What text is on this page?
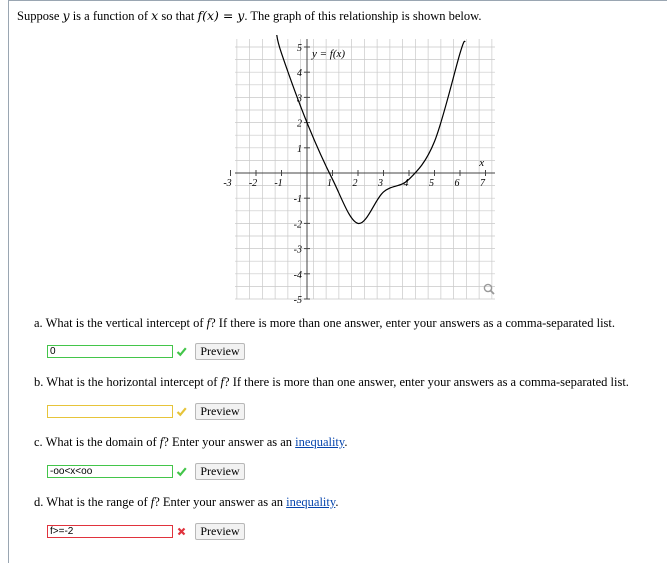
Suppose y is a function of x so that f(x) = y. The graph of this relationship is shown below.
-3 -2 -1	1 2 3 4 5 6 7
5
4
3
2
1
-1
-2
-3
-4
-5
x
y = f(x)
a. What is the vertical intercept of f? If there is more than one answer, enter your answers as a comma-separated list.
0
Preview
b. What is the horizontal intercept of f? If there is more than one answer, enter your answers as a comma-separated list.
Preview
c. What is the domain of f? Enter your answer as an inequality.
-oo<x<oo
Preview
d. What is the range of f? Enter your answer as an inequality.
f>=-2
Preview
